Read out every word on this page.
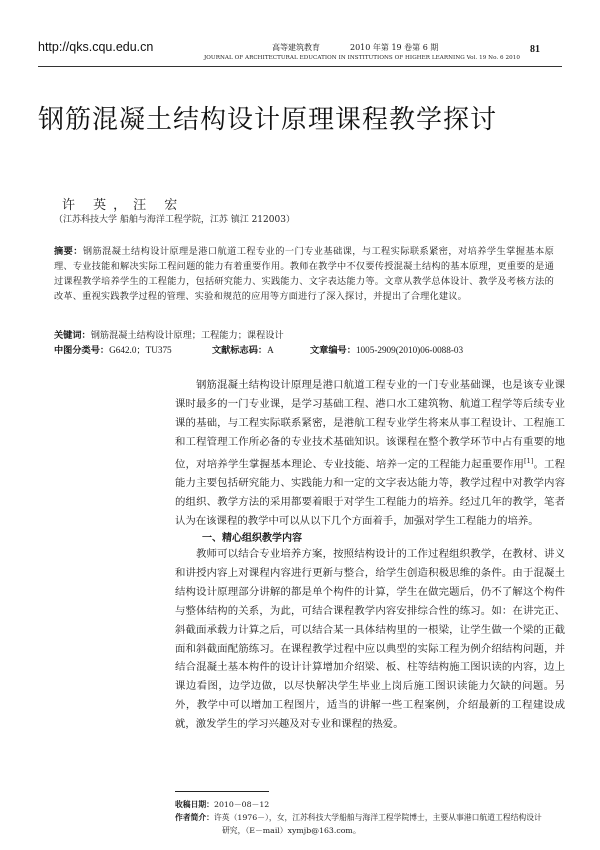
http://qks.cqu.edu.cn	高等建筑教育	2010 年第 19 卷第 6 期
JOURNAL OF ARCHITECTURAL EDUCATION IN INSTITUTIONS OF HIGHER LEARNING Vol. 19 No. 6 2010
81
钢筋混凝土结构设计原理课程教学探讨
许 英，汪 宏
（江苏科技大学 船舶与海洋工程学院，江苏 镇江 212003）
摘要：钢筋混凝土结构设计原理是港口航道工程专业的一门专业基础课，与工程实际联系紧密，对培养学生掌握基本原理、专业技能和解决实际工程问题的能力有着重要作用。教师在教学中不仅要传授混凝土结构的基本原理，更重要的是通过课程教学培养学生的工程能力，包括研究能力、实践能力、文字表达能力等。文章从教学总体设计、教学及考核方法的改革、重视实践教学过程的管理、实验和规范的应用等方面进行了深入探讨，并提出了合理化建议。
关键词：钢筋混凝土结构设计原理；工程能力；课程设计
中图分类号：G642.0；TU375	文献标志码：A	文章编号：1005-2909(2010)06-0088-03
钢筋混凝土结构设计原理是港口航道工程专业的一门专业基础课，也是该专业课课时最多的一门专业课，是学习基础工程、港口水工建筑物、航道工程学等后续专业课的基础，与工程实际联系紧密，是港航工程专业学生将来从事工程设计、工程施工和工程管理工作所必备的专业技术基础知识。该课程在整个教学环节中占有重要的地位，对培养学生掌握基本理论、专业技能、培养一定的工程能力起重要作用[1]。工程能力主要包括研究能力、实践能力和一定的文字表达能力等，教学过程中对教学内容的组织、教学方法的采用都要着眼于对学生工程能力的培养。经过几年的教学，笔者认为在该课程的教学中可以从以下几个方面着手，加强对学生工程能力的培养。
一、精心组织教学内容
教师可以结合专业培养方案，按照结构设计的工作过程组织教学，在教材、讲义和讲授内容上对课程内容进行更新与整合，给学生创造积极思维的条件。由于混凝土结构设计原理部分讲解的都是单个构件的计算，学生在做完题后，仍不了解这个构件与整体结构的关系，为此，可结合课程教学内容安排综合性的练习。如：在讲完正、斜截面承载力计算之后，可以结合某一具体结构里的一根梁，让学生做一个梁的正截面和斜截面配筋练习。在课程教学过程中应以典型的实际工程为例介绍结构问题，并结合混凝土基本构件的设计计算增加介绍梁、板、柱等结构施工图识读的内容，边上课边看图，边学边做，以尽快解决学生毕业上岗后施工图识读能力欠缺的问题。另外，教学中可以增加工程图片，适当的讲解一些工程案例，介绍最新的工程建设成就，激发学生的学习兴趣及对专业和课程的热爱。
收稿日期：2010－08－12
作者简介：许英（1976－），女，江苏科技大学船舶与海洋工程学院博士，主要从事港口航道工程结构设计
研究，（E－mail）xymjb@163.com。
